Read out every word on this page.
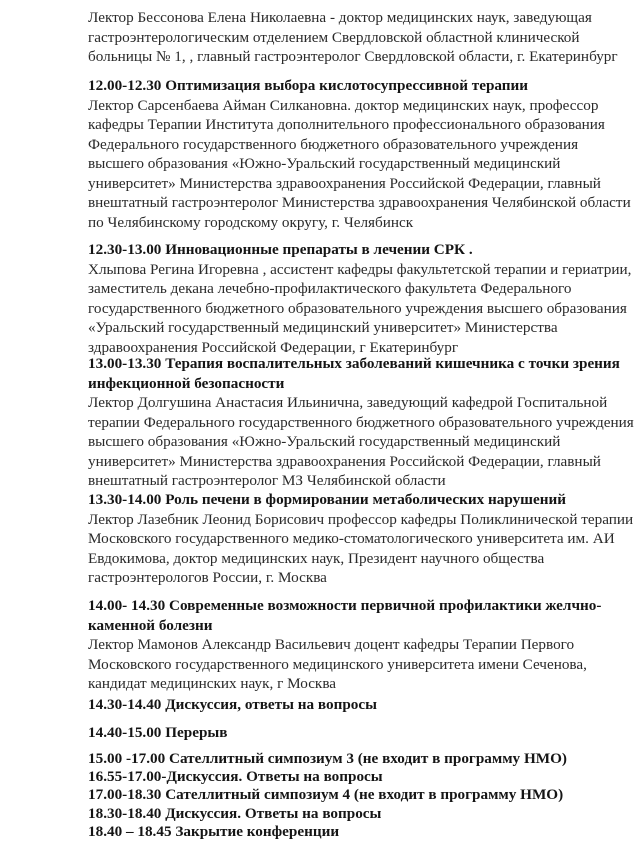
Лектор Бессонова Елена Николаевна - доктор медицинских наук, заведующая
гастроэнтерологическим отделением Свердловской областной клинической
больницы № 1, , главный гастроэнтеролог Свердловской области, г. Екатеринбург
12.00-12.30 Оптимизация выбора кислотосупрессивной терапии
Лектор Сарсенбаева Айман Силкановна. доктор медицинских наук, профессор
кафедры Терапии Института дополнительного профессионального образования
Федерального государственного бюджетного образовательного учреждения
высшего образования «Южно-Уральский государственный медицинский
университет» Министерства здравоохранения Российской Федерации, главный
внештатный гастроэнтеролог Министерства здравоохранения Челябинской области
по Челябинскому городскому округу, г. Челябинск
12.30-13.00 Инновационные препараты в лечении СРК .
Хлыпова Регина Игоревна , ассистент кафедры факультетской терапии и гериатрии,
заместитель декана лечебно-профилактического факультета Федерального
государственного бюджетного образовательного учреждения высшего образования
«Уральский государственный медицинский университет» Министерства
здравоохранения Российской Федерации, г Екатеринбург
13.00-13.30 Терапия воспалительных заболеваний кишечника с точки зрения
инфекционной безопасности
Лектор Долгушина Анастасия Ильинична, заведующий кафедрой Госпитальной
терапии Федерального государственного бюджетного образовательного учреждения
высшего образования «Южно-Уральский государственный медицинский
университет» Министерства здравоохранения Российской Федерации, главный
внештатный гастроэнтеролог МЗ Челябинской области
13.30-14.00 Роль печени в формировании метаболических нарушений
Лектор Лазебник Леонид Борисович профессор кафедры Поликлинической терапии
Московского государственного медико-стоматологического университета им. АИ
Евдокимова, доктор медицинских наук, Президент научного общества
гастроэнтерологов России, г. Москва
14.00- 14.30 Современные возможности первичной профилактики желчно-
каменной болезни
Лектор Мамонов Александр Васильевич доцент кафедры Терапии Первого
Московского государственного медицинского университета имени Сеченова,
кандидат медицинских наук, г Москва
14.30-14.40 Дискуссия, ответы на вопросы
14.40-15.00 Перерыв
15.00 -17.00 Сателлитный симпозиум 3 (не входит в программу НМО)
16.55-17.00-Дискуссия. Ответы на вопросы
17.00-18.30 Сателлитный симпозиум 4 (не входит в программу НМО)
18.30-18.40 Дискуссия. Ответы на вопросы
18.40 – 18.45 Закрытие конференции
